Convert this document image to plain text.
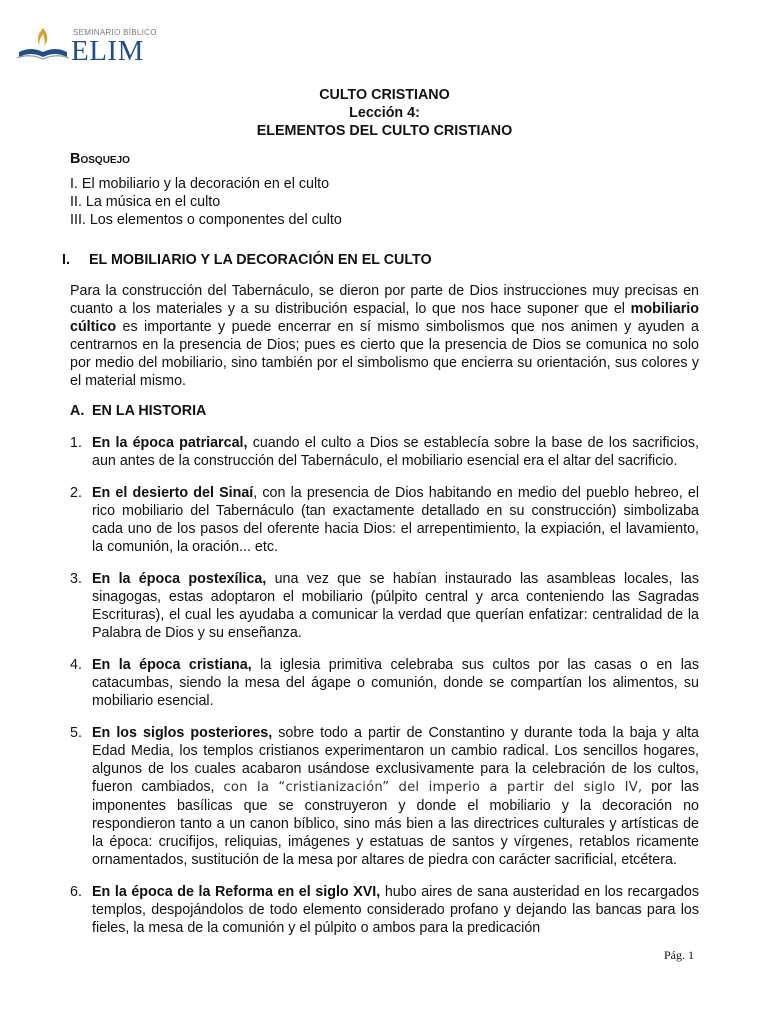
SEMINARIO BÍBLICO
ELIM

CULTO CRISTIANO

Lección 4:

ELEMENTOS DEL CULTO CRISTIANO

Bosquejo
I. El mobiliario y la decoración en el culto
II. La música en el culto
III. Los elementos o componentes del culto
I.	EL MOBILIARIO Y LA DECORACIÓN EN EL CULTO

Para la construcción del Tabernáculo, se dieron por parte de Dios instrucciones muy precisas en cuanto a los materiales y a su distribución espacial, lo que nos hace suponer que el mobiliario cúltico es importante y puede encerrar en sí mismo simbolismos que nos animen y ayuden a centrarnos en la presencia de Dios; pues es cierto que la presencia de Dios se comunica no solo por medio del mobiliario, sino también por el simbolismo que encierra su orientación, sus colores y el material mismo.

A. EN LA HISTORIA
1. En la época patriarcal, cuando el culto a Dios se establecía sobre la base de los sacrificios, aun antes de la construcción del Tabernáculo, el mobiliario esencial era el altar del sacrificio.
2. En el desierto del Sinaí, con la presencia de Dios habitando en medio del pueblo hebreo, el rico mobiliario del Tabernáculo (tan exactamente detallado en su construcción) simbolizaba cada uno de los pasos del oferente hacia Dios: el arrepentimiento, la expiación, el lavamiento, la comunión, la oración... etc.
3. En la época postexílica, una vez que se habían instaurado las asambleas locales, las sinagogas, estas adoptaron el mobiliario (púlpito central y arca conteniendo las Sagradas Escrituras), el cual les ayudaba a comunicar la verdad que querían enfatizar: centralidad de la Palabra de Dios y su enseñanza.
4. En la época cristiana, la iglesia primitiva celebraba sus cultos por las casas o en las catacumbas, siendo la mesa del ágape o comunión, donde se compartían los alimentos, su mobiliario esencial.
5. En los siglos posteriores, sobre todo a partir de Constantino y durante toda la baja y alta Edad Media, los templos cristianos experimentaron un cambio radical. Los sencillos hogares, algunos de los cuales acabaron usándose exclusivamente para la celebración de los cultos, fueron cambiados, con la “cristianización” del imperio a partir del siglo IV, por las imponentes basílicas que se construyeron y donde el mobiliario y la decoración no respondieron tanto a un canon bíblico, sino más bien a las directrices culturales y artísticas de la época: crucifijos, reliquias, imágenes y estatuas de santos y vírgenes, retablos ricamente ornamentados, sustitución de la mesa por altares de piedra con carácter sacrificial, etcétera.
6. En la época de la Reforma en el siglo XVI, hubo aires de sana austeridad en los recargados templos, despojándolos de todo elemento considerado profano y dejando las bancas para los fieles, la mesa de la comunión y el púlpito o ambos para la predicación
Pág. 1
